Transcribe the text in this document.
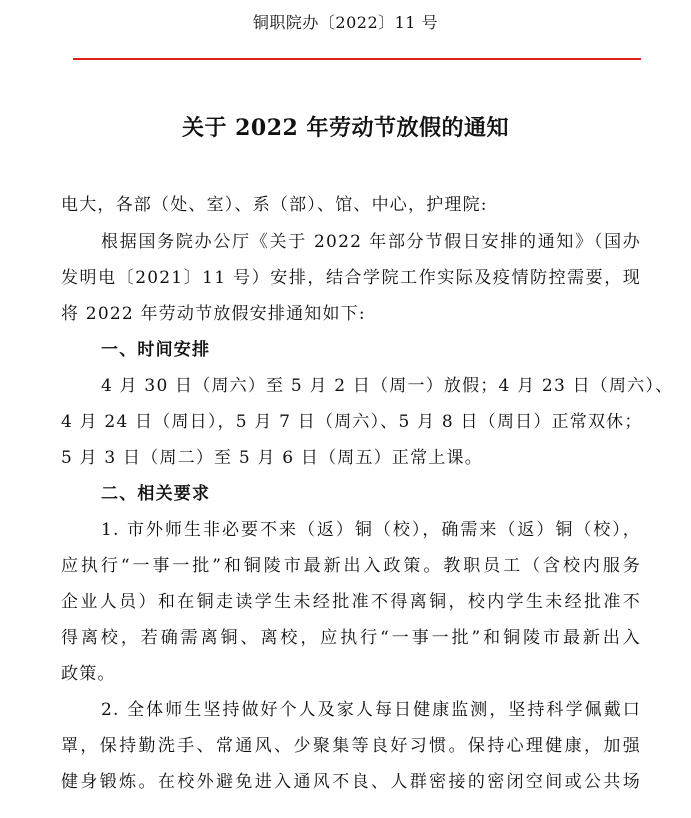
铜职院办〔2022〕11 号
关于 2022 年劳动节放假的通知
电大，各部（处、室）、系（部）、馆、中心，护理院:
根据国务院办公厅《关于 2022 年部分节假日安排的通知》（国办
发明电〔2021〕11 号）安排，结合学院工作实际及疫情防控需要，现
将 2022 年劳动节放假安排通知如下:
一、时间安排
4 月 30 日（周六）至 5 月 2 日（周一）放假；4 月 23 日（周六）、
4 月 24 日（周日），5 月 7 日（周六）、5 月 8 日（周日）正常双休；
5 月 3 日（周二）至 5 月 6 日（周五）正常上课。
二、相关要求
1. 市外师生非必要不来（返）铜（校），确需来（返）铜（校），
应执行“一事一批”和铜陵市最新出入政策。教职员工（含校内服务
企业人员）和在铜走读学生未经批准不得离铜，校内学生未经批准不
得离校，若确需离铜、离校，应执行“一事一批”和铜陵市最新出入
政策。
2. 全体师生坚持做好个人及家人每日健康监测，坚持科学佩戴口
罩，保持勤洗手、常通风、少聚集等良好习惯。保持心理健康，加强
健身锻炼。在校外避免进入通风不良、人群密接的密闭空间或公共场
